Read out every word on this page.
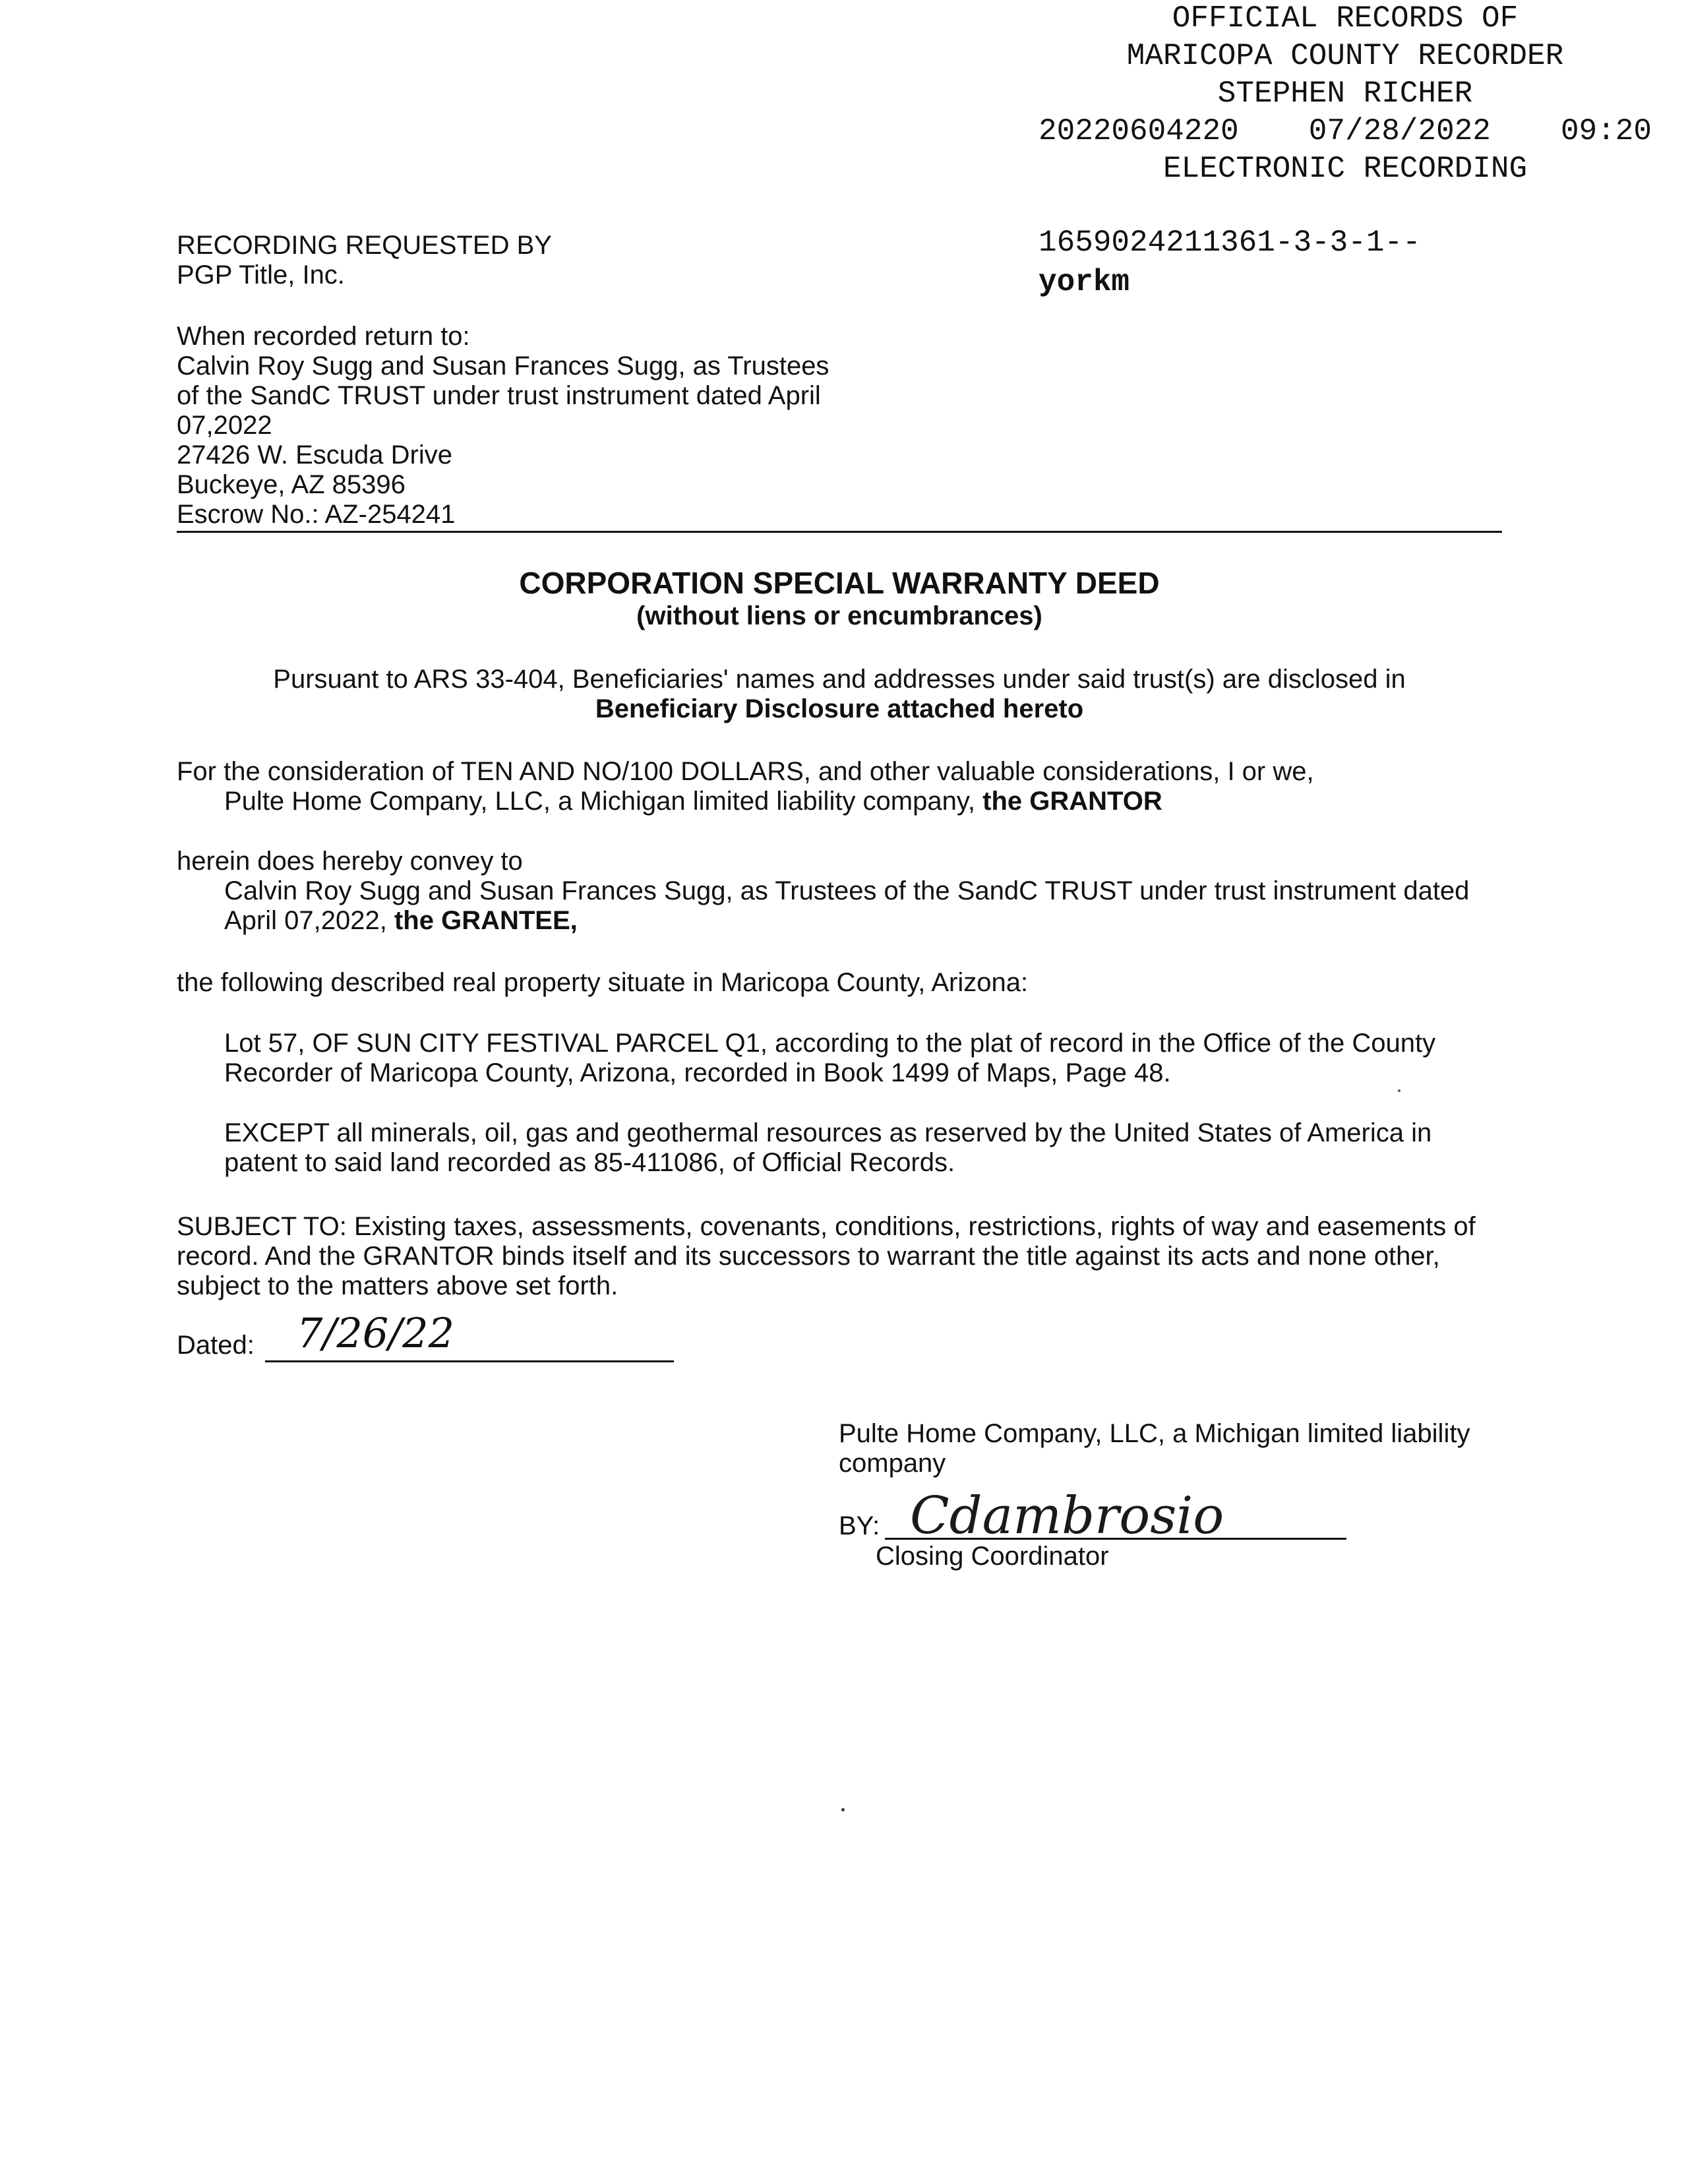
OFFICIAL RECORDS OF
MARICOPA COUNTY RECORDER
STEPHEN RICHER
20220604220 07/28/2022 09:20
ELECTRONIC RECORDING
1659024211361-3-3-1--
yorkm
RECORDING REQUESTED BY
PGP Title, Inc.
When recorded return to:
Calvin Roy Sugg and Susan Frances Sugg, as Trustees
of the SandC TRUST under trust instrument dated April
07,2022
27426 W. Escuda Drive
Buckeye, AZ 85396
Escrow No.: AZ-254241
CORPORATION SPECIAL WARRANTY DEED
(without liens or encumbrances)
Pursuant to ARS 33-404, Beneficiaries' names and addresses under said trust(s) are disclosed in
Beneficiary Disclosure attached hereto
For the consideration of TEN AND NO/100 DOLLARS, and other valuable considerations, I or we,
Pulte Home Company, LLC, a Michigan limited liability company, the GRANTOR
herein does hereby convey to
Calvin Roy Sugg and Susan Frances Sugg, as Trustees of the SandC TRUST under trust instrument dated
April 07,2022, the GRANTEE,
the following described real property situate in Maricopa County, Arizona:
Lot 57, OF SUN CITY FESTIVAL PARCEL Q1, according to the plat of record in the Office of the County
Recorder of Maricopa County, Arizona, recorded in Book 1499 of Maps, Page 48.
EXCEPT all minerals, oil, gas and geothermal resources as reserved by the United States of America in
patent to said land recorded as 85-411086, of Official Records.
SUBJECT TO: Existing taxes, assessments, covenants, conditions, restrictions, rights of way and easements of
record. And the GRANTOR binds itself and its successors to warrant the title against its acts and none other,
subject to the matters above set forth.
Dated: 7/26/22
Pulte Home Company, LLC, a Michigan limited liability
company
BY: Cdambrosio
Closing Coordinator
